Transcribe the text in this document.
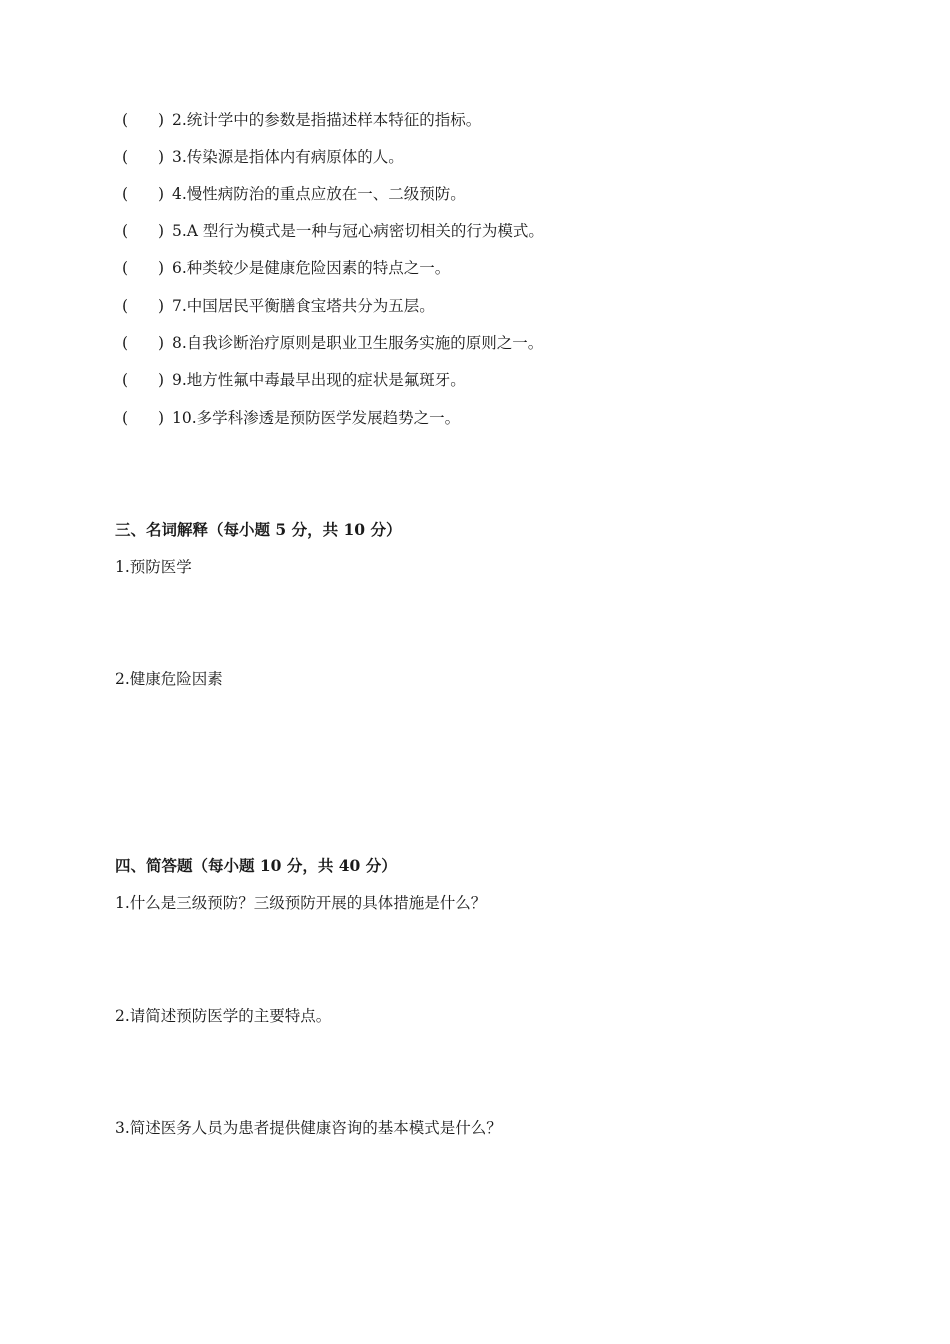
( ) 2.统计学中的参数是指描述样本特征的指标。
( ) 3.传染源是指体内有病原体的人。
( ) 4.慢性病防治的重点应放在一、二级预防。
( ) 5.A 型行为模式是一种与冠心病密切相关的行为模式。
( ) 6.种类较少是健康危险因素的特点之一。
( ) 7.中国居民平衡膳食宝塔共分为五层。
( ) 8.自我诊断治疗原则是职业卫生服务实施的原则之一。
( ) 9.地方性氟中毒最早出现的症状是氟斑牙。
( ) 10.多学科渗透是预防医学发展趋势之一。
三、名词解释（每小题 5 分，共 10 分）
1.预防医学
2.健康危险因素
四、简答题（每小题 10 分，共 40 分）
1.什么是三级预防？三级预防开展的具体措施是什么？
2.请简述预防医学的主要特点。
3.简述医务人员为患者提供健康咨询的基本模式是什么？
